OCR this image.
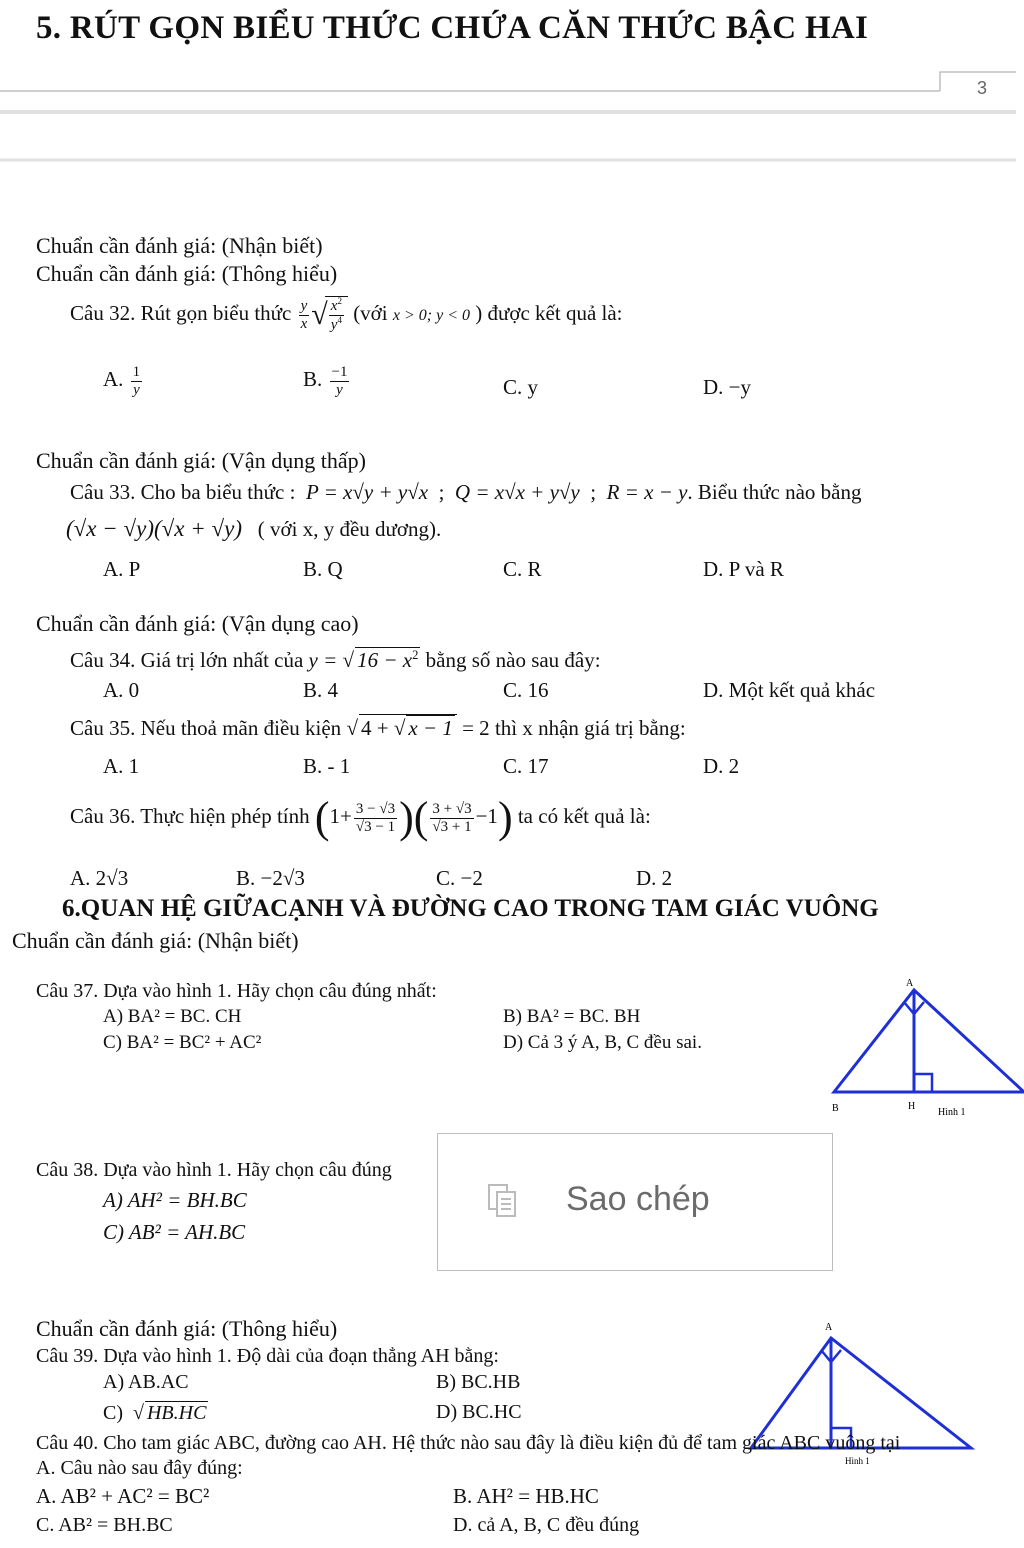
5. RÚT GỌN BIỂU THỨC CHỨA CĂN THỨC BẬC HAI
3
Chuẩn cần đánh giá: (Nhận biết)
Chuẩn cần đánh giá: (Thông hiểu)
Câu 32. Rút gọn biểu thức $\frac{y}{x}$ √ $\frac{x^2}{y^4}$ (với x > 0; y < 0 ) được kết quả là:
A. $\frac{1}{y}$	B. $\frac{-1}{y}$	C. y	D. −y
Chuẩn cần đánh giá: (Vận dụng thấp)
Câu 33. Cho ba biểu thức : P = x√y + y√x  ;  Q = x√x + y√y  ;  R = x − y. Biểu thức nào bằng
(√x − √y)(√x + √y) ( với x, y đều dương).
A. P	B. Q	C. R	D. P và R
Chuẩn cần đánh giá: (Vận dụng cao)
Câu 34. Giá trị lớn nhất của y = √ $16 - x^2$ bằng số nào sau đây:
A. 0	B. 4	C. 16	D. Một kết quả khác
Câu 35. Nếu thoả mãn điều kiện √ 4 + √ x − 1 = 2 thì x nhận giá trị bằng:
A. 1	B. - 1	C. 17	D. 2
Câu 36. Thực hiện phép tính ($1+ \frac{3 - √3}{√3 - 1}$ )( $\frac{3 + √3}{√3 + 1} -1$) ta có kết quả là:
A. 2√3	B. −2√3	C. −2	D. 2
6.QUAN HỆ GIỮACẠNH VÀ ĐƯỜNG CAO TRONG TAM GIÁC VUÔNG
Chuẩn cần đánh giá: (Nhận biết)
Câu 37. Dựa vào hình 1. Hãy chọn câu đúng nhất:
A) BA² = BC. CH	B) BA² = BC. BH
C) BA² = BC² + AC²	D) Cả 3 ý A, B, C đều sai.
A
B	H
Hình 1
Câu 38. Dựa vào hình 1. Hãy chọn câu đúng
A) AH² = BH.BC
C) AB² = AH.BC
Sao chép
Chuẩn cần đánh giá: (Thông hiểu)
Câu 39. Dựa vào hình 1. Độ dài của đoạn thẳng AH bằng:
A) AB.AC	B) BC.HB
C)  √ HB.HC	D) BC.HC
A
Hình 1
Câu 40. Cho tam giác ABC, đường cao AH. Hệ thức nào sau đây là điều kiện đủ để tam giác ABC vuông tại
A. Câu nào sau đây đúng:
A. AB² + AC² = BC²	B. AH² = HB.HC
C. AB² = BH.BC	D. cả A, B, C đều đúng
